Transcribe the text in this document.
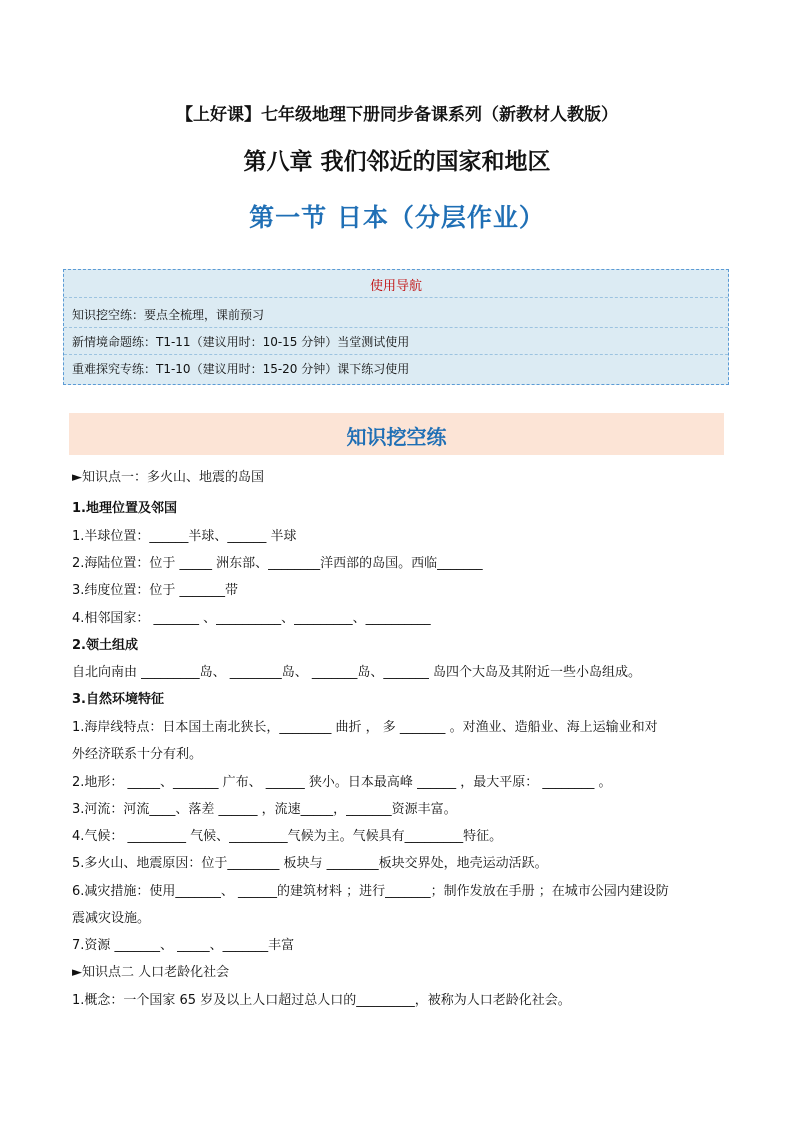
【上好课】七年级地理下册同步备课系列（新教材人教版）
第八章 我们邻近的国家和地区
第一节 日本（分层作业）
使用导航
知识挖空练：要点全梳理，课前预习
新情境命题练：T1-11（建议用时：10-15 分钟）当堂测试使用
重难探究专练：T1-10（建议用时：15-20 分钟）课下练习使用
知识挖空练
►知识点一：多火山、地震的岛国
1.地理位置及邻国
1.半球位置：______半球、______ 半球
2.海陆位置：位于 _____ 洲东部、________洋西部的岛国。西临_______
3.纬度位置：位于 _______带
4.相邻国家： _______ 、__________、_________、__________
2.领土组成
自北向南由 _________岛、 ________岛、 _______岛、_______ 岛四个大岛及其附近一些小岛组成。
3.自然环境特征
1.海岸线特点：日本国土南北狭长，________ 曲折 ， 多 _______ 。对渔业、造船业、海上运输业和对
外经济联系十分有利。
2.地形： _____、_______ 广布、 ______ 狭小。日本最高峰 ______ ，最大平原： ________ 。
3.河流：河流____、落差 ______ ，流速_____，_______资源丰富。
4.气候： _________ 气候、_________气候为主。气候具有_________特征。
5.多火山、地震原因：位于________ 板块与 ________板块交界处，地壳运动活跃。
6.减灾措施：使用_______、 ______的建筑材料 ；进行_______；制作发放在手册 ；在城市公园内建设防
震减灾设施。
7.资源 _______、 _____、_______丰富
►知识点二 人口老龄化社会
1.概念：一个国家 65 岁及以上人口超过总人口的_________，被称为人口老龄化社会。
